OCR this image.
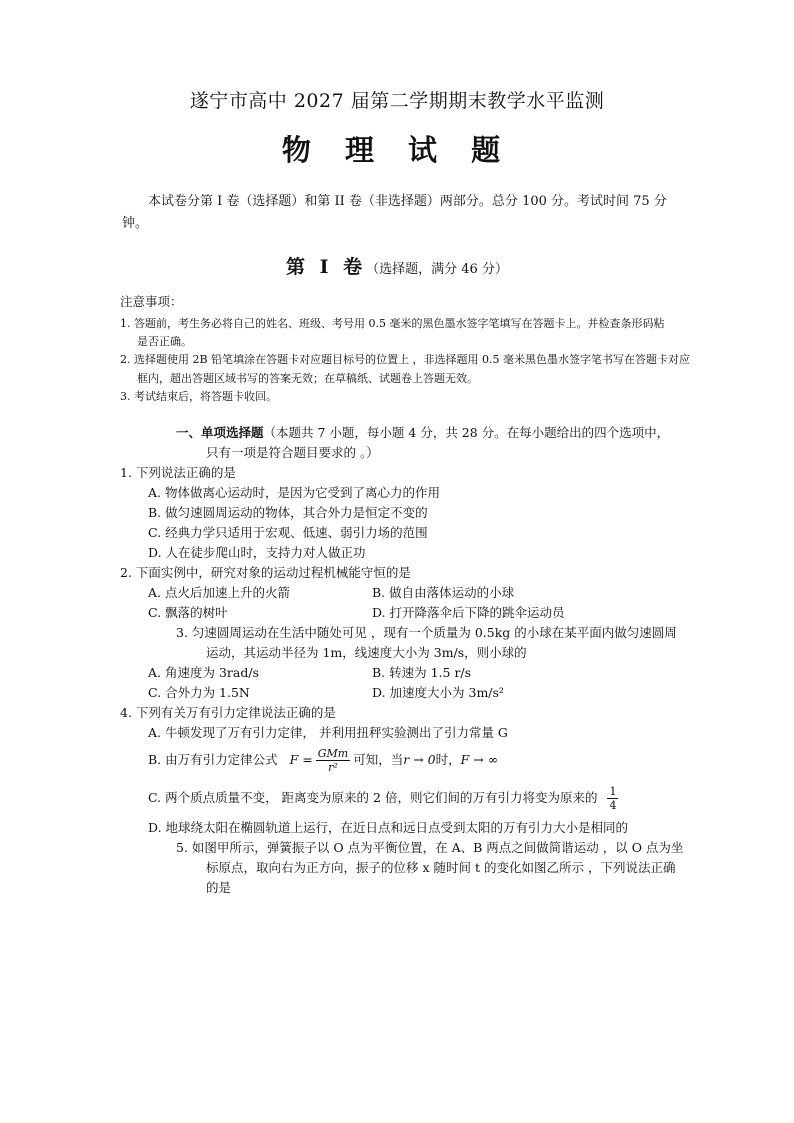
遂宁市高中 2027 届第二学期期末教学水平监测
物 理 试 题
本试卷分第 I 卷（选择题）和第 II 卷（非选择题）两部分。总分 100 分。考试时间 75 分钟。
第 Ⅰ 卷（选择题，满分 46 分）
注意事项：
1. 答题前，考生务必将自己的姓名、班级、考号用 0.5 毫米的黑色墨水签字笔填写在答题卡上。并检查条形码粘
是否正确。
2. 选择题使用 2B 铅笔填涂在答题卡对应题目标号的位置上 ，非选择题用 0.5 毫米黑色墨水签字笔书写在答题卡对应
框内，超出答题区域书写的答案无效；在草稿纸、试题卷上答题无效。
3. 考试结束后，将答题卡收回。
一、单项选择题（本题共 7 小题，每小题 4 分，共 28 分。在每小题给出的四个选项中，
只有一项是符合题目要求的 。）
1. 下列说法正确的是
A. 物体做离心运动时，是因为它受到了离心力的作用
B. 做匀速圆周运动的物体，其合外力是恒定不变的
C. 经典力学只适用于宏观、低速、弱引力场的范围
D. 人在徒步爬山时，支持力对人做正功
2. 下面实例中，研究对象的运动过程机械能守恒的是
A. 点火后加速上升的火箭	B. 做自由落体运动的小球
C. 飘落的树叶	D. 打开降落伞后下降的跳伞运动员
3. 匀速圆周运动在生活中随处可见 ，现有一个质量为 0.5kg 的小球在某平面内做匀速圆周
运动，其运动半径为 1m，线速度大小为 3m/s，则小球的
A. 角速度为 3rad/s	B. 转速为 1.5 r/s
C. 合外力为 1.5N	D. 加速度大小为 3m/s²
4. 下列有关万有引力定律说法正确的是
A. 牛顿发现了万有引力定律， 并利用扭秤实验测出了引力常量 G
B. 由万有引力定律公式 $F = \frac{\text{GMm}}{\text{r²}}$ 可知，当r → 0时，F → ∞
C. 两个质点质量不变， 距离变为原来的 2 倍，则它们间的万有引力将变为原来的 $\frac{1}{4}$
D. 地球绕太阳在椭圆轨道上运行，在近日点和远日点受到太阳的万有引力大小是相同的
5. 如图甲所示，弹簧振子以 O 点为平衡位置，在 A、B 两点之间做简谐运动 ，以 O 点为坐
标原点，取向右为正方向，振子的位移 x 随时间 t 的变化如图乙所示 ，下列说法正确
的是
